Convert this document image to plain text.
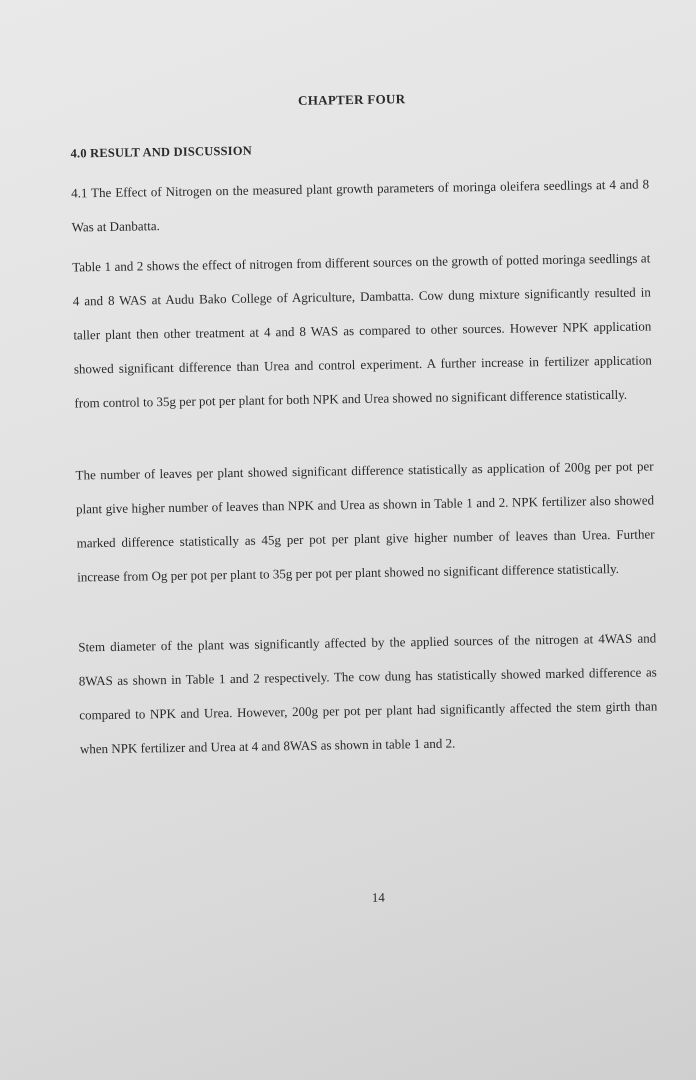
CHAPTER FOUR
4.0 RESULT AND DISCUSSION

4.1 The Effect of Nitrogen on the measured plant growth parameters of moringa oleifera seedlings at 4 and 8 Was at Danbatta.

Table 1 and 2 shows the effect of nitrogen from different sources on the growth of potted moringa seedlings at 4 and 8 WAS at Audu Bako College of Agriculture, Dambatta. Cow dung mixture significantly resulted in taller plant then other treatment at 4 and 8 WAS as compared to other sources. However NPK application showed significant difference than Urea and control experiment. A further increase in fertilizer application from control to 35g per pot per plant for both NPK and Urea showed no significant difference statistically.

The number of leaves per plant showed significant difference statistically as application of 200g per pot per plant give higher number of leaves than NPK and Urea as shown in Table 1 and 2. NPK fertilizer also showed marked difference statistically as 45g per pot per plant give higher number of leaves than Urea. Further increase from Og per pot per plant to 35g per pot per plant showed no significant difference statistically.

Stem diameter of the plant was significantly affected by the applied sources of the nitrogen at 4WAS and 8WAS as shown in Table 1 and 2 respectively. The cow dung has statistically showed marked difference as compared to NPK and Urea. However, 200g per pot per plant had significantly affected the stem girth than when NPK fertilizer and Urea at 4 and 8WAS as shown in table 1 and 2.

14
